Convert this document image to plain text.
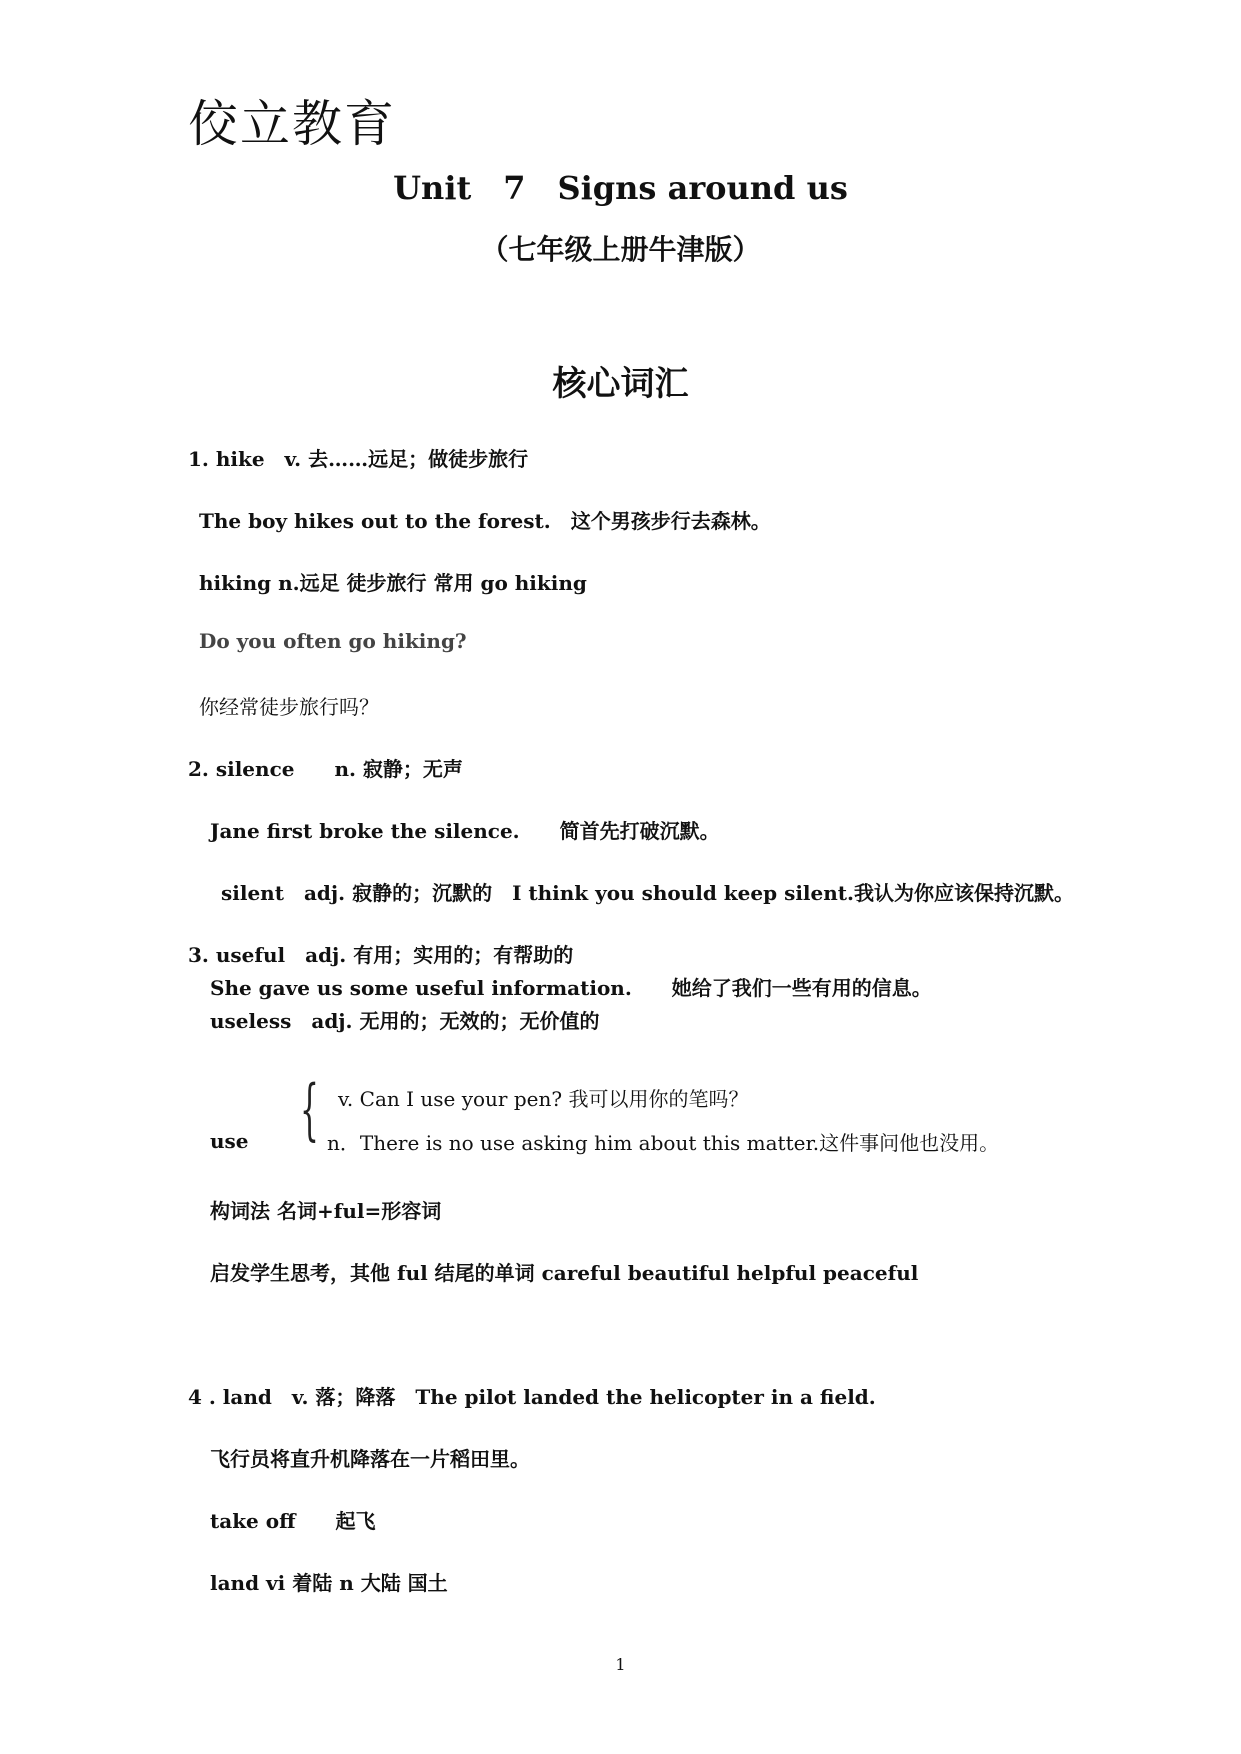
佼立教育
Unit　7　Signs around us
（七年级上册牛津版）
核心词汇
1. hike　v. 去……远足；做徒步旅行
The boy hikes out to the forest.　这个男孩步行去森林。
hiking n.远足 徒步旅行 常用 go hiking
Do you often go hiking?
你经常徒步旅行吗？
2. silence　　n. 寂静；无声
Jane first broke the silence.　　简首先打破沉默。
silent　adj. 寂静的；沉默的　I think you should keep silent.我认为你应该保持沉默。
3. useful　adj. 有用；实用的；有帮助的
She gave us some useful information.　　她给了我们一些有用的信息。
useless　adj. 无用的；无效的；无价值的
{ v. Can I use your pen? 我可以用你的笔吗？
use	n．There is no use asking him about this matter.这件事问他也没用。
构词法 名词+ful=形容词
启发学生思考，其他 ful 结尾的单词 careful beautiful helpful peaceful
4 . land　v. 落；降落　The pilot landed the helicopter in a field.
飞行员将直升机降落在一片稻田里。
take off　　起飞
land vi 着陆 n 大陆 国土
1
